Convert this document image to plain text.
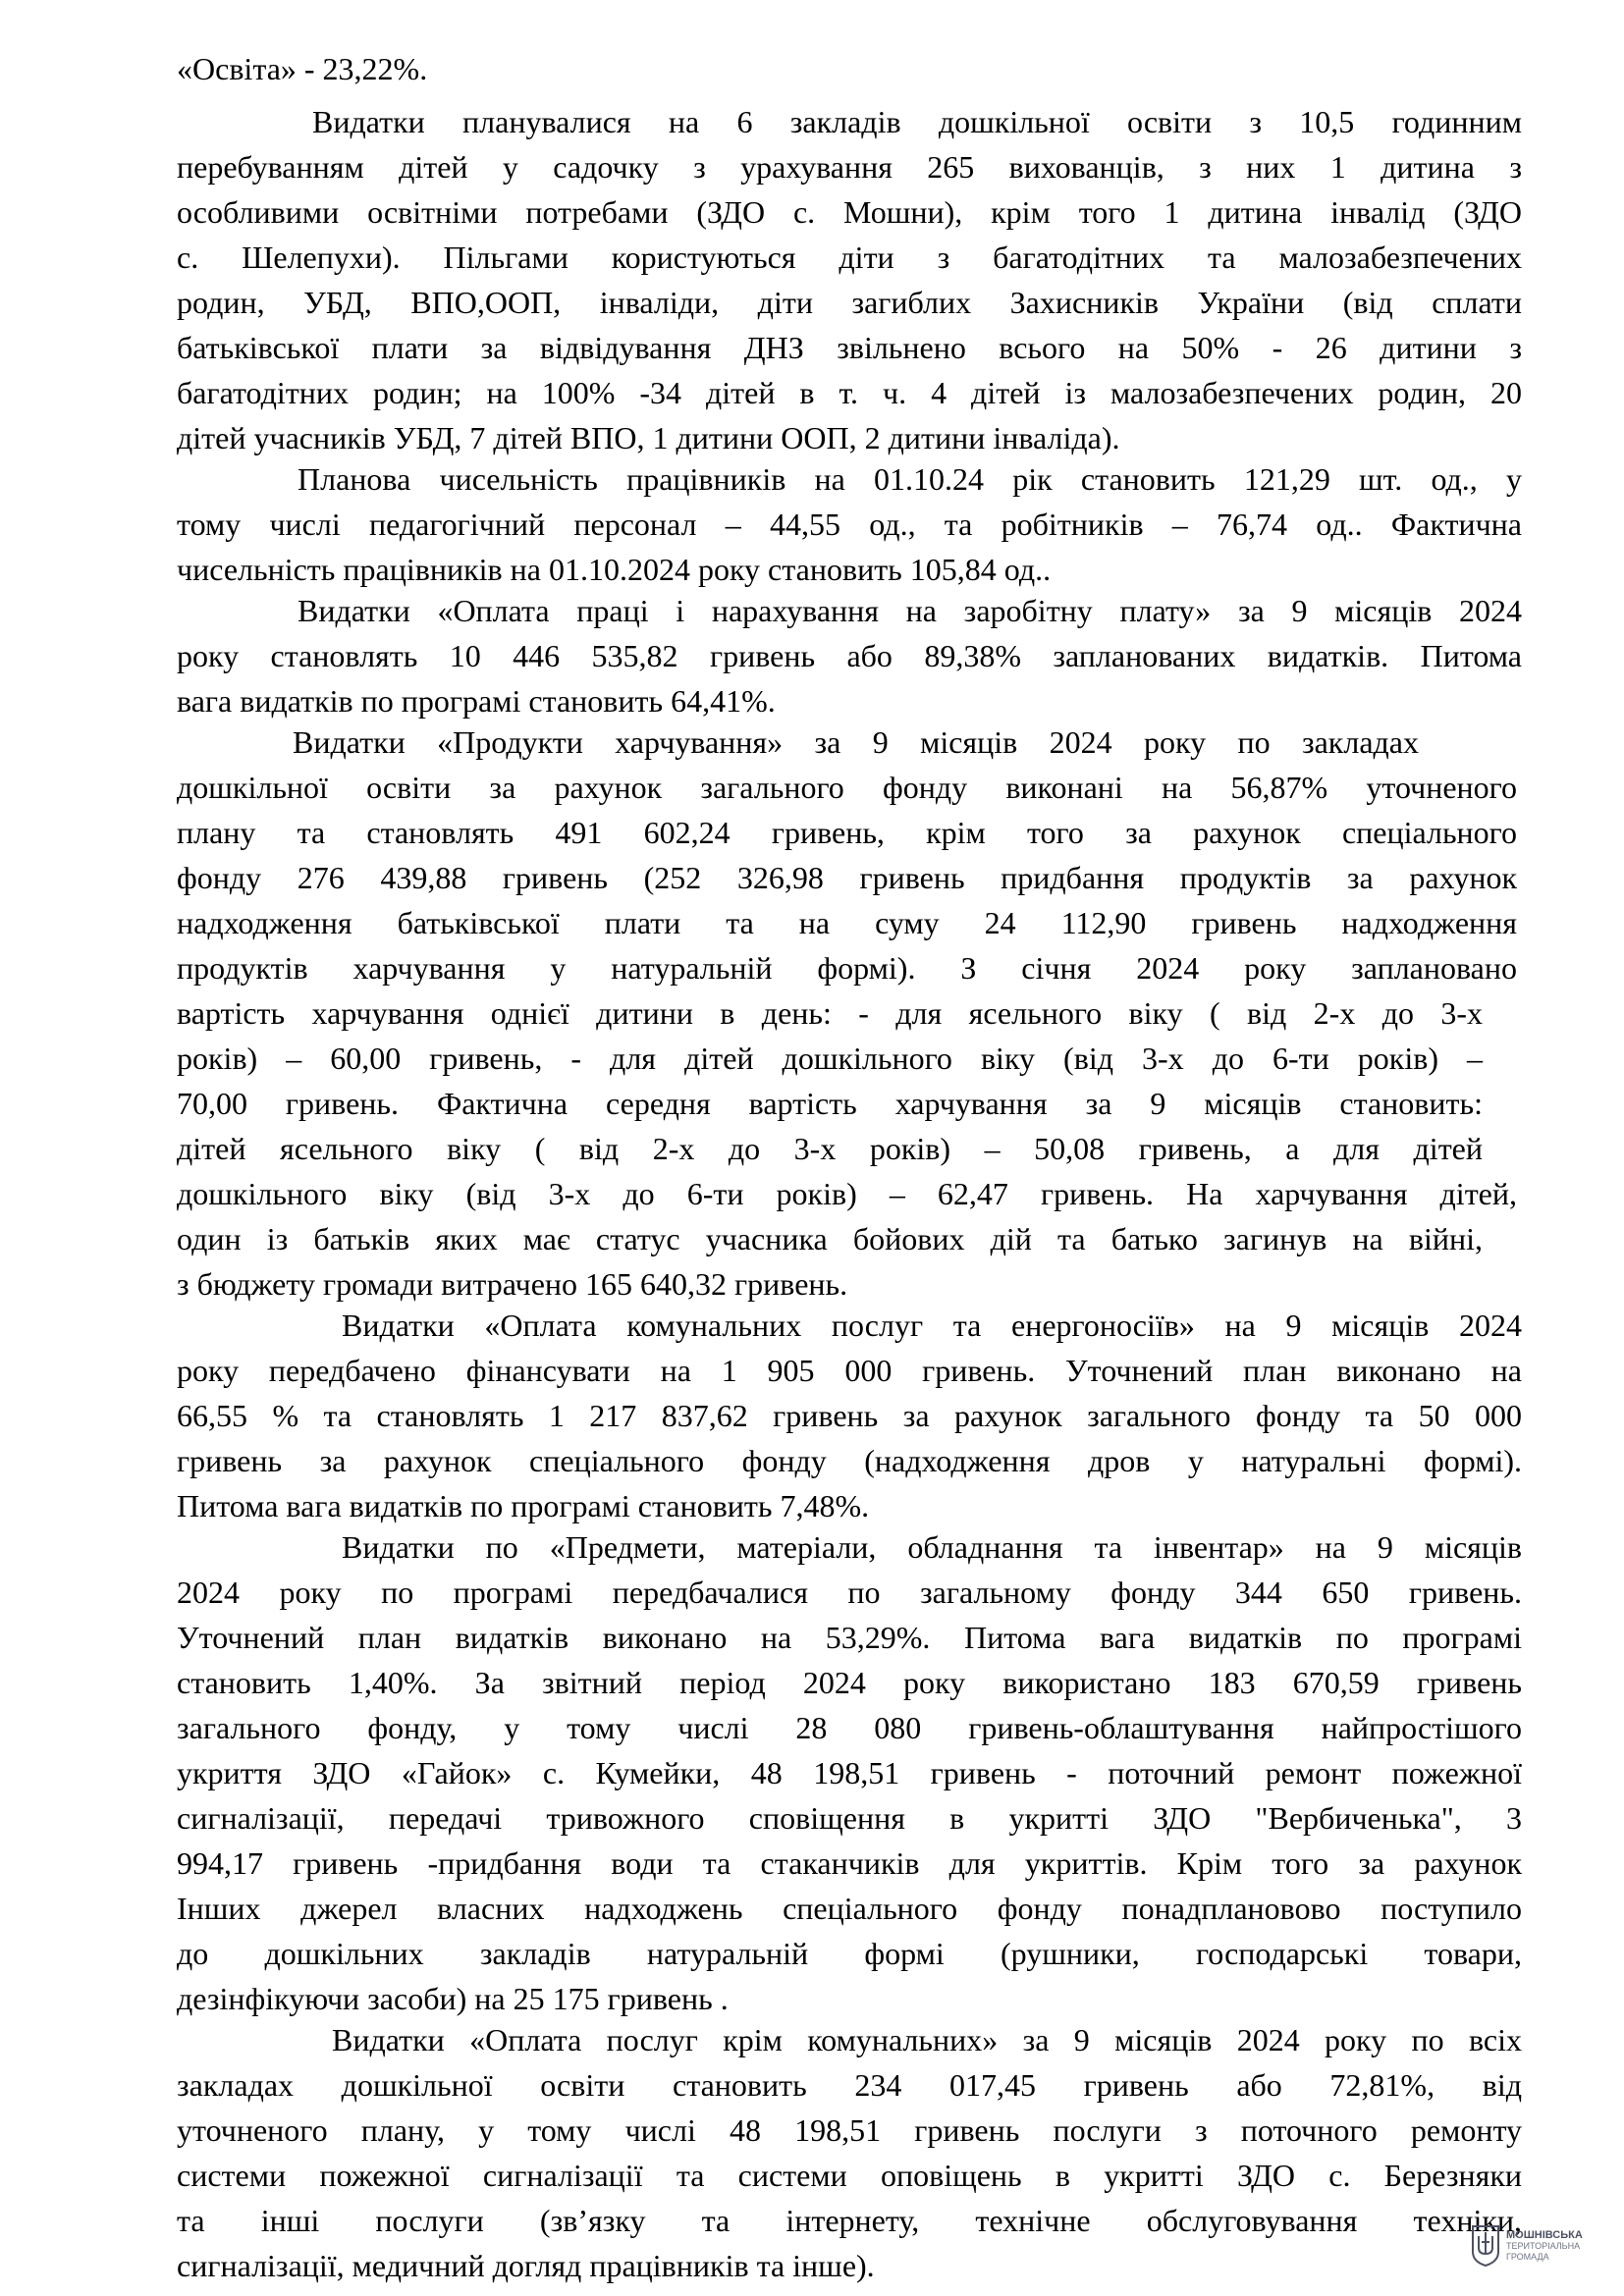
«Освіта» - 23,22%.

Видатки планувалися на 6 закладів дошкільної освіти з 10,5 годинним

перебуванням дітей у садочку з урахування 265 вихованців, з них 1 дитина з

особливими освітніми потребами (ЗДО с. Мошни), крім того 1 дитина інвалід (ЗДО

с. Шелепухи). Пільгами користуються діти з багатодітних та малозабезпечених

родин, УБД, ВПО,ООП, інваліди, діти загиблих Захисників України (від сплати

батьківської плати за відвідування ДНЗ звільнено всього на 50% - 26 дитини з

багатодітних родин; на 100% -34 дітей в т. ч. 4 дітей із малозабезпечених родин, 20

дітей учасників УБД, 7 дітей ВПО, 1 дитини ООП, 2 дитини інваліда).

Планова чисельність працівників на 01.10.24 рік становить 121,29 шт. од., у

тому числі педагогічний персонал – 44,55 од., та робітників – 76,74 од.. Фактична

чисельність працівників на 01.10.2024 року становить 105,84 од..

Видатки «Оплата праці і нарахування на заробітну плату» за 9 місяців 2024

року становлять 10 446 535,82 гривень або 89,38% запланованих видатків. Питома

вага видатків по програмі становить 64,41%.

Видатки «Продукти харчування» за 9 місяців 2024 року по закладах

дошкільної освіти за рахунок загального фонду виконані на 56,87% уточненого

плану та становлять 491 602,24 гривень, крім того за рахунок спеціального

фонду 276 439,88 гривень (252 326,98 гривень придбання продуктів за рахунок

надходження батьківської плати та на суму 24 112,90 гривень надходження

продуктів харчування у натуральній формі). З січня 2024 року заплановано

вартість харчування однієї дитини в день: - для ясельного віку ( від 2-х до 3-х

років) – 60,00 гривень, - для дітей дошкільного віку (від 3-х до 6-ти років) –

70,00 гривень. Фактична середня вартість харчування за 9 місяців становить:

дітей ясельного віку ( від 2-х до 3-х років) – 50,08 гривень, а для дітей

дошкільного віку (від 3-х до 6-ти років) – 62,47 гривень. На харчування дітей,

один із батьків яких має статус учасника бойових дій та батько загинув на війні,

з бюджету громади витрачено 165 640,32 гривень.

Видатки «Оплата комунальних послуг та енергоносіїв» на 9 місяців 2024

року передбачено фінансувати на 1 905 000 гривень. Уточнений план виконано на

66,55 % та становлять 1 217 837,62 гривень за рахунок загального фонду та 50 000

гривень за рахунок спеціального фонду (надходження дров у натуральні формі).

Питома вага видатків по програмі становить 7,48%.

Видатки по «Предмети, матеріали, обладнання та інвентар» на 9 місяців

2024 року по програмі передбачалися по загальному фонду 344 650 гривень.

Уточнений план видатків виконано на 53,29%. Питома вага видатків по програмі

становить 1,40%. За звітний період 2024 року використано 183 670,59 гривень

загального фонду, у тому числі 28 080 гривень-облаштування найпростішого

укриття ЗДО «Гайок» с. Кумейки, 48 198,51 гривень - поточний ремонт пожежної

сигналізації, передачі тривожного сповіщення в укритті ЗДО "Вербиченька", 3

994,17 гривень -придбання води та стаканчиків для укриттів. Крім того за рахунок

Інших джерел власних надходжень спеціального фонду понадплановово поступило

до дошкільних закладів натуральній формі (рушники, господарські товари,

дезінфікуючи засоби) на 25 175 гривень .

Видатки «Оплата послуг крім комунальних» за 9 місяців 2024 року по всіх

закладах дошкільної освіти становить 234 017,45 гривень або 72,81%, від

уточненого плану, у тому числі 48 198,51 гривень послуги з поточного ремонту

системи пожежної сигналізації та системи оповіщень в укритті ЗДО с. Березняки

та інші послуги (зв’язку та інтернету, технічне обслуговування техніки,

сигналізації, медичний догляд працівників та інше).

МОШНІВСЬКА
ТЕРИТОРІАЛЬНА
ГРОМАДА
